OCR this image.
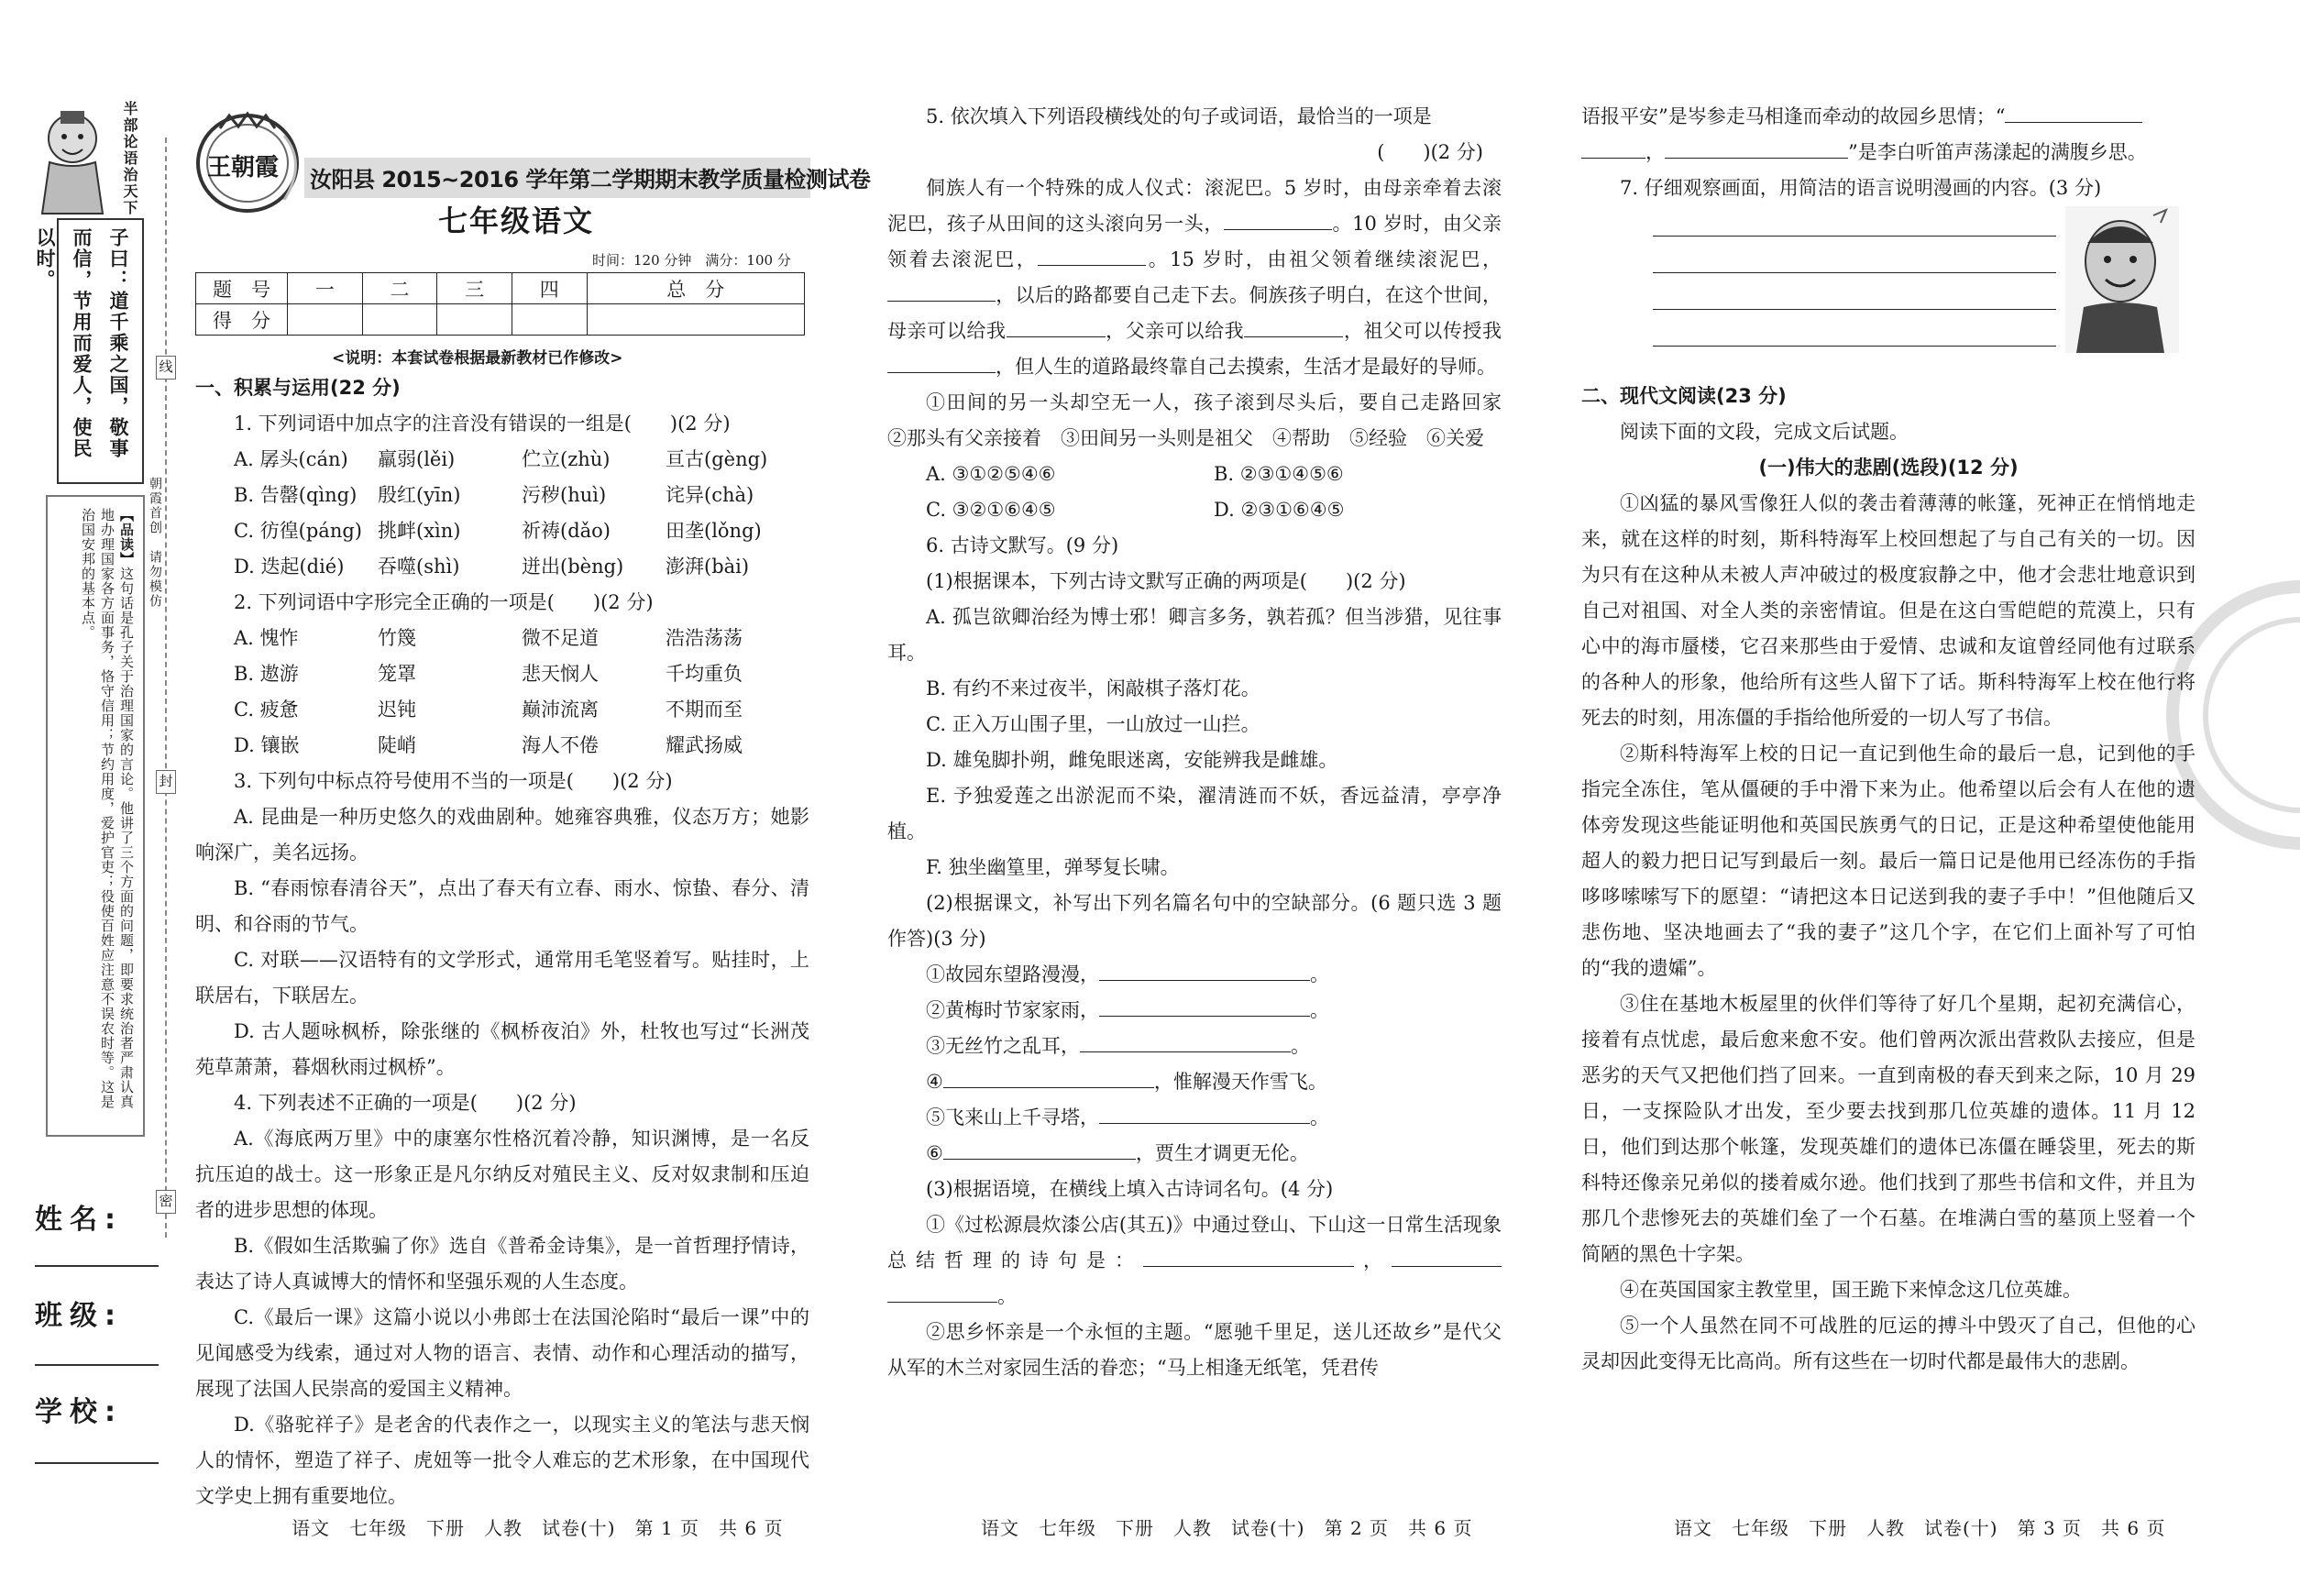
半部论语治天下
子曰：道千乘之国，敬事而信，节用而爱人，使民以时。
【品读】这句话是孔子关于治理国家的言论。他讲了三个方面的问题，即要求统治者严肃认真地办理国家各方面事务，恪守信用；节约用度，爱护官吏；役使百姓应注意不误农时等。这是治国安邦的基本点。
线
封
密
朝霞首创　请勿模仿
姓名:
班级:
学校:
王朝霞 汝阳县 2015~2016 学年第二学期期末教学质量检测试卷
七年级语文
时间：120 分钟　满分：100 分
题　号	一	二	三	四	总　分
得　分					
<说明：本套试卷根据最新教材已作修改>

一、积累与运用(22 分)

1. 下列词语中加点字的注音没有错误的一组是(　　)(2 分)

A. 孱头(cán)	羸弱(lěi)	伫立(zhù)	亘古(gèng)
B. 告罄(qìng)	殷红(yīn)	污秽(huì)	诧异(chà)
C. 彷徨(páng) 挑衅(xìn)	祈祷(dǎo)	田垄(lǒng)
D. 迭起(dié)	吞噬(shì)	迸出(bèng)	澎湃(bài)

2. 下列词语中字形完全正确的一项是(　　)(2 分)

A. 愧怍	竹篾	微不足道	浩浩荡荡
B. 遨游	笼罩	悲天悯人	千均重负
C. 疲惫	迟钝	巅沛流离	不期而至
D. 镶嵌	陡峭	海人不倦	耀武扬威

3. 下列句中标点符号使用不当的一项是(　　)(2 分)

A. 昆曲是一种历史悠久的戏曲剧种。她雍容典雅，仪态万方；她影响深广，美名远扬。

B. “春雨惊春清谷天”，点出了春天有立春、雨水、惊蛰、春分、清明、和谷雨的节气。

C. 对联——汉语特有的文学形式，通常用毛笔竖着写。贴挂时，上联居右，下联居左。

D. 古人题咏枫桥，除张继的《枫桥夜泊》外，杜牧也写过“长洲茂苑草萧萧，暮烟秋雨过枫桥”。

4. 下列表述不正确的一项是(　　)(2 分)

A.《海底两万里》中的康塞尔性格沉着冷静，知识渊博，是一名反抗压迫的战士。这一形象正是凡尔纳反对殖民主义、反对奴隶制和压迫者的进步思想的体现。

B.《假如生活欺骗了你》选自《普希金诗集》，是一首哲理抒情诗，表达了诗人真诚博大的情怀和坚强乐观的人生态度。

C.《最后一课》这篇小说以小弗郎士在法国沦陷时“最后一课”中的见闻感受为线索，通过对人物的语言、表情、动作和心理活动的描写，展现了法国人民崇高的爱国主义精神。

D.《骆驼祥子》是老舍的代表作之一，以现实主义的笔法与悲天悯人的情怀，塑造了祥子、虎妞等一批令人难忘的艺术形象，在中国现代文学史上拥有重要地位。

语文　七年级　下册　人教　试卷(十)　第 1 页　共 6 页

5. 依次填入下列语段横线处的句子或词语，最恰当的一项是

(　　)(2 分)

侗族人有一个特殊的成人仪式：滚泥巴。5 岁时，由母亲牵着去滚泥巴，孩子从田间的这头滚向另一头，	。10 岁时，由父亲领着去滚泥巴，	。15 岁时，由祖父领着继续滚泥巴，，以后的路都要自己走下去。侗族孩子明白，在这个世间，母亲可以给我	，父亲可以给我	，祖父可以传授我，但人生的道路最终靠自己去摸索，生活才是最好的导师。

①田间的另一头却空无一人，孩子滚到尽头后，要自己走路回家　②那头有父亲接着　③田间另一头则是祖父　④帮助　⑤经验　⑥关爱

A. ③①②⑤④⑥	B. ②③①④⑤⑥
C. ③②①⑥④⑤	D. ②③①⑥④⑤

6. 古诗文默写。(9 分)

(1)根据课本，下列古诗文默写正确的两项是(　　)(2 分)

A. 孤岂欲卿治经为博士邪！卿言多务，孰若孤？但当涉猎，见往事耳。

B. 有约不来过夜半，闲敲棋子落灯花。

C. 正入万山围子里，一山放过一山拦。

D. 雄兔脚扑朔，雌兔眼迷离，安能辨我是雌雄。

E. 予独爱莲之出淤泥而不染，濯清涟而不妖，香远益清，亭亭净植。

F. 独坐幽篁里，弹琴复长啸。

(2)根据课文，补写出下列名篇名句中的空缺部分。(6 题只选 3 题作答)(3 分)

①故园东望路漫漫，	。

②黄梅时节家家雨，	。

③无丝竹之乱耳，	。

④	，惟解漫天作雪飞。

⑤飞来山上千寻塔，	。

⑥	，贾生才调更无伦。

(3)根据语境，在横线上填入古诗词名句。(4 分)

①《过松源晨炊漆公店(其五)》中通过登山、下山这一日常生活现象总结哲理的诗句是：	，。

②思乡怀亲是一个永恒的主题。“愿驰千里足，送儿还故乡”是代父从军的木兰对家园生活的眷恋；“马上相逢无纸笔，凭君传

语文　七年级　下册　人教　试卷(十)　第 2 页　共 6 页

语报平安”是岑参走马相逢而牵动的故园乡思情；“
，	”是李白听笛声荡漾起的满腹乡思。

7. 仔细观察画面，用简洁的语言说明漫画的内容。(3 分)

二、现代文阅读(23 分)

阅读下面的文段，完成文后试题。

(一)伟大的悲剧(选段)(12 分)

①凶猛的暴风雪像狂人似的袭击着薄薄的帐篷，死神正在悄悄地走来，就在这样的时刻，斯科特海军上校回想起了与自己有关的一切。因为只有在这种从未被人声冲破过的极度寂静之中，他才会悲壮地意识到自己对祖国、对全人类的亲密情谊。但是在这白雪皑皑的荒漠上，只有心中的海市蜃楼，它召来那些由于爱情、忠诚和友谊曾经同他有过联系的各种人的形象，他给所有这些人留下了话。斯科特海军上校在他行将死去的时刻，用冻僵的手指给他所爱的一切人写了书信。

②斯科特海军上校的日记一直记到他生命的最后一息，记到他的手指完全冻住，笔从僵硬的手中滑下来为止。他希望以后会有人在他的遗体旁发现这些能证明他和英国民族勇气的日记，正是这种希望使他能用超人的毅力把日记写到最后一刻。最后一篇日记是他用已经冻伤的手指哆哆嗦嗦写下的愿望：“请把这本日记送到我的妻子手中！”但他随后又悲伤地、坚决地画去了“我的妻子”这几个字，在它们上面补写了可怕的“我的遗孀”。

③住在基地木板屋里的伙伴们等待了好几个星期，起初充满信心，接着有点忧虑，最后愈来愈不安。他们曾两次派出营救队去接应，但是恶劣的天气又把他们挡了回来。一直到南极的春天到来之际，10 月 29 日，一支探险队才出发，至少要去找到那几位英雄的遗体。11 月 12 日，他们到达那个帐篷，发现英雄们的遗体已冻僵在睡袋里，死去的斯科特还像亲兄弟似的搂着威尔逊。他们找到了那些书信和文件，并且为那几个悲惨死去的英雄们垒了一个石墓。在堆满白雪的墓顶上竖着一个简陋的黑色十字架。

④在英国国家主教堂里，国王跪下来悼念这几位英雄。

⑤一个人虽然在同不可战胜的厄运的搏斗中毁灭了自己，但他的心灵却因此变得无比高尚。所有这些在一切时代都是最伟大的悲剧。

语文　七年级　下册　人教　试卷(十)　第 3 页　共 6 页
